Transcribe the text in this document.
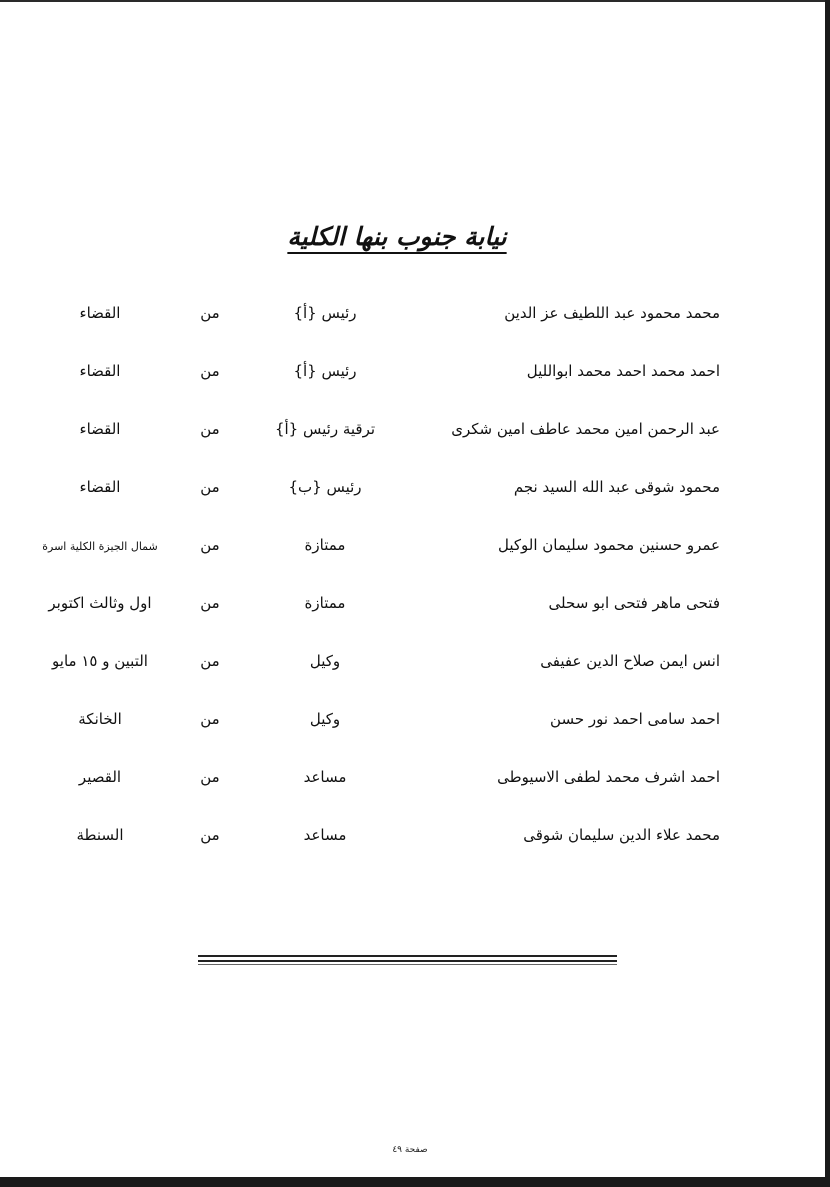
نيابة جنوب بنها الكلية
محمد محمود عبد اللطيف عز الدين
رئيس {أ}
من
القضاء
احمد محمد احمد محمد ابوالليل
رئيس {أ}
من
القضاء
عبد الرحمن امين محمد عاطف امين شكرى
ترقية رئيس {أ}
من
القضاء
محمود شوقى عبد الله السيد نجم
رئيس {ب}
من
القضاء
عمرو حسنين محمود سليمان الوكيل
ممتازة
من
شمال الجيزة الكلية اسرة
فتحى ماهر فتحى ابو سحلى
ممتازة
من
اول وثالث اكتوبر
انس ايمن صلاح الدين عفيفى
وكيل
من
التبين و ١٥ مايو
احمد سامى احمد نور حسن
وكيل
من
الخانكة
احمد اشرف محمد لطفى الاسيوطى
مساعد
من
القصير
محمد علاء الدين سليمان شوقى
مساعد
من
السنطة
صفحة ٤٩
